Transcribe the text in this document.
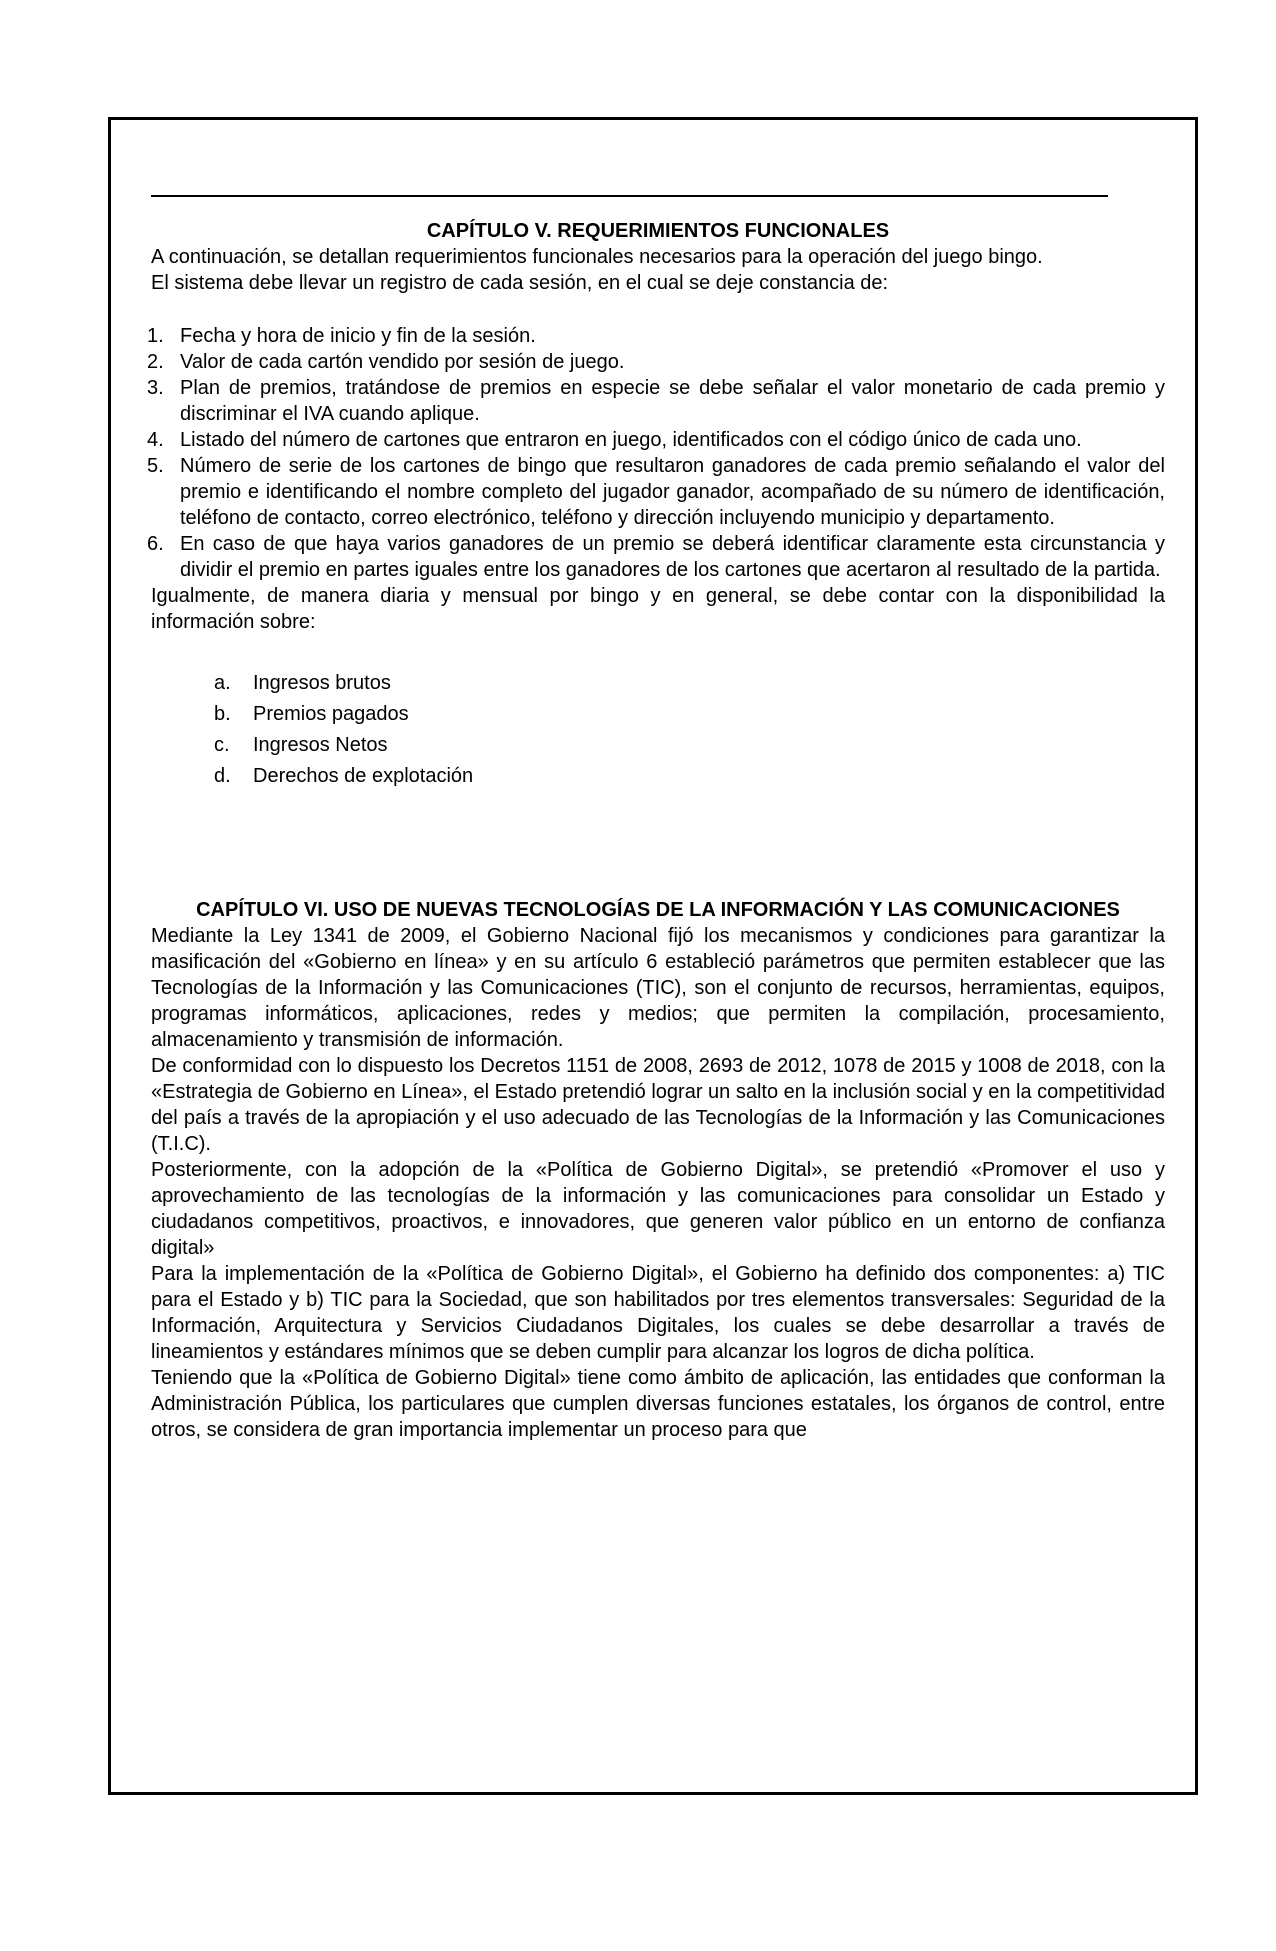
CAPÍTULO V. REQUERIMIENTOS FUNCIONALES

A continuación, se detallan requerimientos funcionales necesarios para la operación del juego bingo.

El sistema debe llevar un registro de cada sesión, en el cual se deje constancia de:

1. Fecha y hora de inicio y fin de la sesión.
2. Valor de cada cartón vendido por sesión de juego.
3. Plan de premios, tratándose de premios en especie se debe señalar el valor monetario de cada premio y discriminar el IVA cuando aplique.
4. Listado del número de cartones que entraron en juego, identificados con el código único de cada uno.
5. Número de serie de los cartones de bingo que resultaron ganadores de cada premio señalando el valor del premio e identificando el nombre completo del jugador ganador, acompañado de su número de identificación, teléfono de contacto, correo electrónico, teléfono y dirección incluyendo municipio y departamento.
6. En caso de que haya varios ganadores de un premio se deberá identificar claramente esta circunstancia y dividir el premio en partes iguales entre los ganadores de los cartones que acertaron al resultado de la partida.

Igualmente, de manera diaria y mensual por bingo y en general, se debe contar con la disponibilidad la información sobre:

a.	Ingresos brutos
b.	Premios pagados
c.	Ingresos Netos
d.	Derechos de explotación
CAPÍTULO VI. USO DE NUEVAS TECNOLOGÍAS DE LA INFORMACIÓN Y LAS COMUNICACIONES

Mediante la Ley 1341 de 2009, el Gobierno Nacional fijó los mecanismos y condiciones para garantizar la masificación del «Gobierno en línea» y en su artículo 6 estableció parámetros que permiten establecer que las Tecnologías de la Información y las Comunicaciones (TIC), son el conjunto de recursos, herramientas, equipos, programas informáticos, aplicaciones, redes y medios; que permiten la compilación, procesamiento, almacenamiento y transmisión de información.

De conformidad con lo dispuesto los Decretos 1151 de 2008, 2693 de 2012, 1078 de 2015 y 1008 de 2018, con la «Estrategia de Gobierno en Línea», el Estado pretendió lograr un salto en la inclusión social y en la competitividad del país a través de la apropiación y el uso adecuado de las Tecnologías de la Información y las Comunicaciones (T.I.C).

Posteriormente, con la adopción de la «Política de Gobierno Digital», se pretendió «Promover el uso y aprovechamiento de las tecnologías de la información y las comunicaciones para consolidar un Estado y ciudadanos competitivos, proactivos, e innovadores, que generen valor público en un entorno de confianza digital»

Para la implementación de la «Política de Gobierno Digital», el Gobierno ha definido dos componentes: a) TIC para el Estado y b) TIC para la Sociedad, que son habilitados por tres elementos transversales: Seguridad de la Información, Arquitectura y Servicios Ciudadanos Digitales, los cuales se debe desarrollar a través de lineamientos y estándares mínimos que se deben cumplir para alcanzar los logros de dicha política.

Teniendo que la «Política de Gobierno Digital» tiene como ámbito de aplicación, las entidades que conforman la Administración Pública, los particulares que cumplen diversas funciones estatales, los órganos de control, entre otros, se considera de gran importancia implementar un proceso para que
